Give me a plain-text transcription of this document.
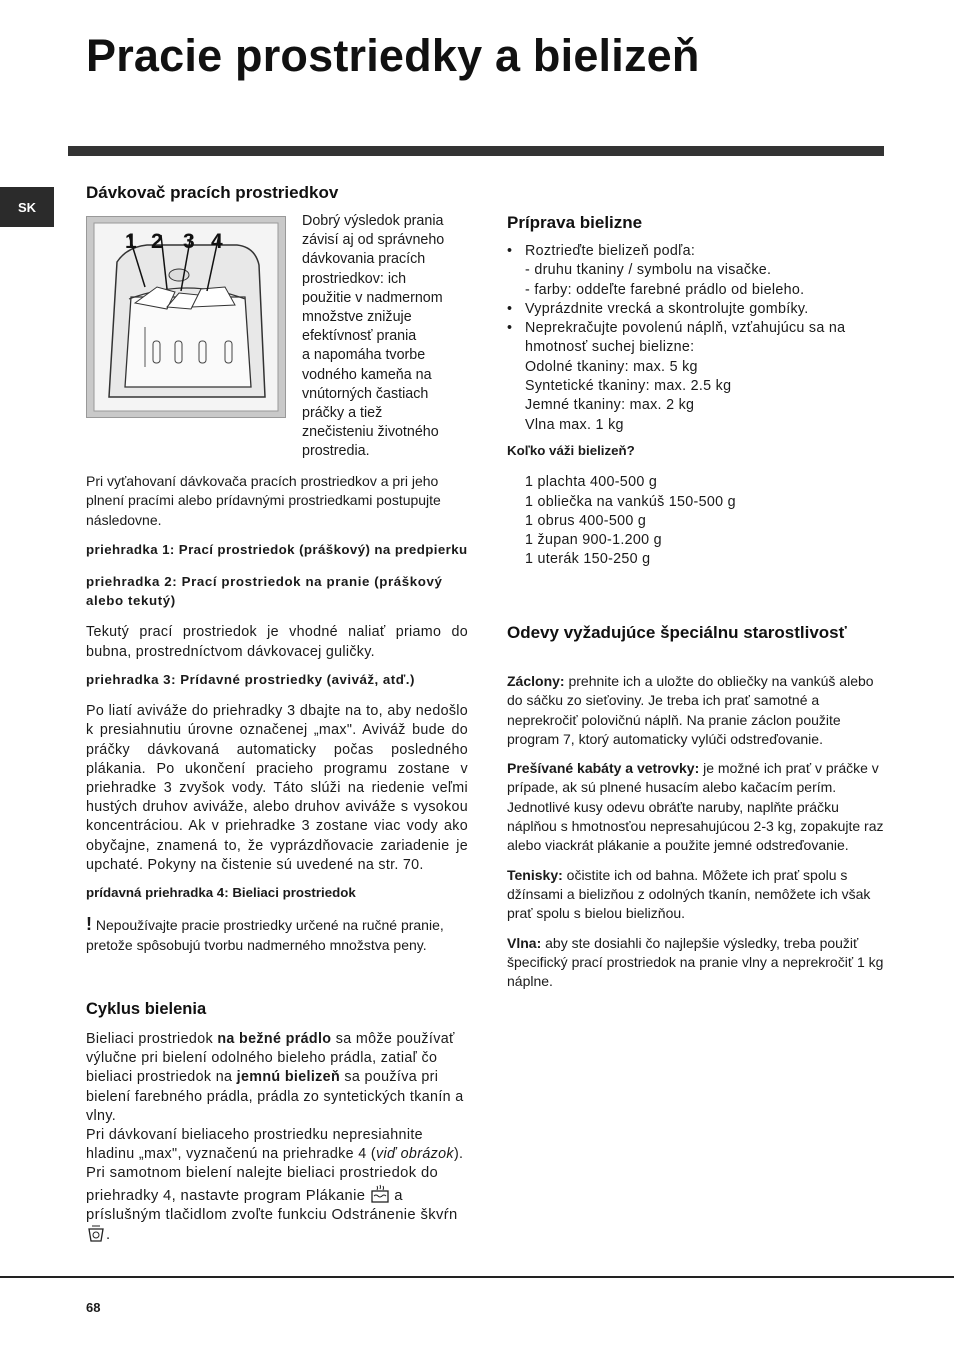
Pracie prostriedky a bielizeň
SK
Dávkovač pracích prostriedkov
1 2 3 4
Dobrý výsledok prania
závisí aj od správneho
dávkovania pracích
prostriedkov: ich
použitie v nadmernom
množstve znižuje
efektívnosť prania
a napomáha tvorbe
vodného kameňa na
vnútorných častiach
práčky a tiež
znečisteniu životného
prostredia.

Pri vyťahovaní dávkovača pracích prostriedkov a pri jeho plnení pracími alebo prídavnými prostriedkami postupujte následovne.

priehradka 1: Prací prostriedok (práškový) na predpierku

priehradka 2: Prací prostriedok na pranie (práškový alebo tekutý)

Tekutý prací prostriedok je vhodné naliať priamo do bubna, prostredníctvom dávkovacej guličky.

priehradka 3: Prídavné prostriedky (aviváž, atď.)

Po liatí aviváže do priehradky 3 dbajte na to, aby nedošlo k presiahnutiu úrovne označenej „max". Aviváž bude do práčky dávkovaná automaticky počas posledného plákania. Po ukončení pracieho programu zostane v priehradke 3 zvyšok vody. Táto slúži na riedenie veľmi hustých druhov aviváže, alebo druhov aviváže s vysokou koncentráciou. Ak v priehradke 3 zostane viac vody ako obyčajne, znamená to, že vyprázdňovacie zariadenie je upchaté. Pokyny na čistenie sú uvedené na str. 70.

prídavná priehradka 4: Bieliaci prostriedok

! Nepoužívajte pracie prostriedky určené na ručné pranie, pretože spôsobujú tvorbu nadmerného množstva peny.

Cyklus bielenia

Bieliaci prostriedok na bežné prádlo sa môže používať výlučne pri bielení odolného bieleho prádla, zatiaľ čo bieliaci prostriedok na jemnú bielizeň sa používa pri bielení farebného prádla, prádla zo syntetických tkanín a vlny.

Pri dávkovaní bieliaceho prostriedku nepresiahnite hladinu „max", vyznačenú na priehradke 4 (viď obrázok).

Pri samotnom bielení nalejte bieliaci prostriedok do priehradky 4, nastavte program Plákanie a príslušným tlačidlom zvoľte funkciu Odstránenie škvŕn .

Príprava bielizne
• Roztrieďte bielizeň podľa:
- druhu tkaniny / symbolu na visačke.
- farby: oddeľte farebné prádlo od bieleho.
• Vyprázdnite vrecká a skontrolujte gombíky.
• Neprekračujte povolenú náplň, vzťahujúcu sa na hmotnosť suchej bielizne:
Odolné tkaniny: max. 5 kg
Syntetické tkaniny: max. 2.5 kg
Jemné tkaniny: max. 2 kg
Vlna max. 1 kg

Koľko váži bielizeň?

1 plachta 400-500 g
1 obliečka na vankúš 150-500 g
1 obrus 400-500 g
1 župan 900-1.200 g
1 uterák 150-250 g
Odevy vyžadujúce špeciálnu starostlivosť

Záclony: prehnite ich a uložte do obliečky na vankúš alebo do sáčku zo sieťoviny. Je treba ich prať samotné a neprekročiť polovičnú náplň. Na pranie záclon použite program 7, ktorý automaticky vylúči odstreďovanie.

Prešívané kabáty a vetrovky: je možné ich prať v práčke v prípade, ak sú plnené husacím alebo kačacím perím. Jednotlivé kusy odevu obráťte naruby, naplňte práčku náplňou s hmotnosťou nepresahujúcou 2-3 kg, zopakujte raz alebo viackrát plákanie a použite jemné odstreďovanie.

Tenisky: očistite ich od bahna. Môžete ich prať spolu s džínsami a bielizňou z odolných tkanín, nemôžete ich však prať spolu s bielou bielizňou.

Vlna: aby ste dosiahli čo najlepšie výsledky, treba použiť špecifický prací prostriedok na pranie vlny a neprekročiť 1 kg náplne.

68
